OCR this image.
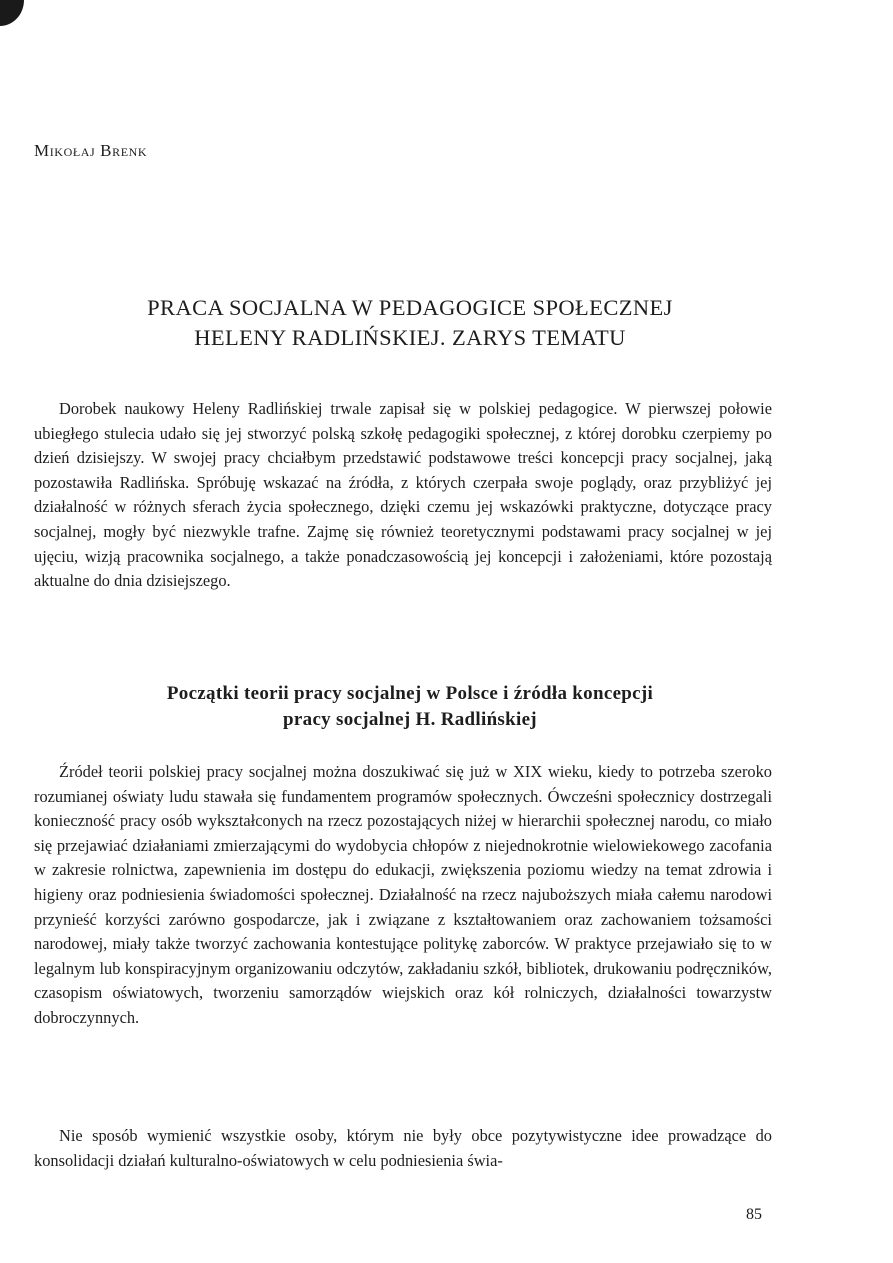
Mikołaj Brenk
PRACA SOCJALNA W PEDAGOGICE SPOŁECZNEJ
HELENY RADLIŃSKIEJ. ZARYS TEMATU

Dorobek naukowy Heleny Radlińskiej trwale zapisał się w polskiej pedagogice. W pierwszej połowie ubiegłego stulecia udało się jej stworzyć polską szkołę pedagogiki społecznej, z której dorobku czerpiemy po dzień dzisiejszy. W swojej pracy chciałbym przedstawić podstawowe treści koncepcji pracy socjalnej, jaką pozostawiła Radlińska. Spróbuję wskazać na źródła, z których czerpała swoje poglądy, oraz przybliżyć jej działalność w różnych sferach życia społecznego, dzięki czemu jej wskazówki praktyczne, dotyczące pracy socjalnej, mogły być niezwykle trafne. Zajmę się również teoretycznymi podstawami pracy socjalnej w jej ujęciu, wizją pracownika socjalnego, a także ponadczasowością jej koncepcji i założeniami, które pozostają aktualne do dnia dzisiejszego.

Początki teorii pracy socjalnej w Polsce i źródła koncepcji
pracy socjalnej H. Radlińskiej

Źródeł teorii polskiej pracy socjalnej można doszukiwać się już w XIX wieku, kiedy to potrzeba szeroko rozumianej oświaty ludu stawała się fundamentem programów społecznych. Ówcześni społecznicy dostrzegali konieczność pracy osób wykształconych na rzecz pozostających niżej w hierarchii społecznej narodu, co miało się przejawiać działaniami zmierzającymi do wydobycia chłopów z niejednokrotnie wielowiekowego zacofania w zakresie rolnictwa, zapewnienia im dostępu do edukacji, zwiększenia poziomu wiedzy na temat zdrowia i higieny oraz podniesienia świadomości społecznej. Działalność na rzecz najuboższych miała całemu narodowi przynieść korzyści zarówno gospodarcze, jak i związane z kształtowaniem oraz zachowaniem tożsamości narodowej, miały także tworzyć zachowania kontestujące politykę zaborców. W praktyce przejawiało się to w legalnym lub konspiracyjnym organizowaniu odczytów, zakładaniu szkół, bibliotek, drukowaniu podręczników, czasopism oświatowych, tworzeniu samorządów wiejskich oraz kół rolniczych, działalności towarzystw dobroczynnych.

Nie sposób wymienić wszystkie osoby, którym nie były obce pozytywistyczne idee prowadzące do konsolidacji działań kulturalno-oświatowych w celu podniesienia świa-

85
